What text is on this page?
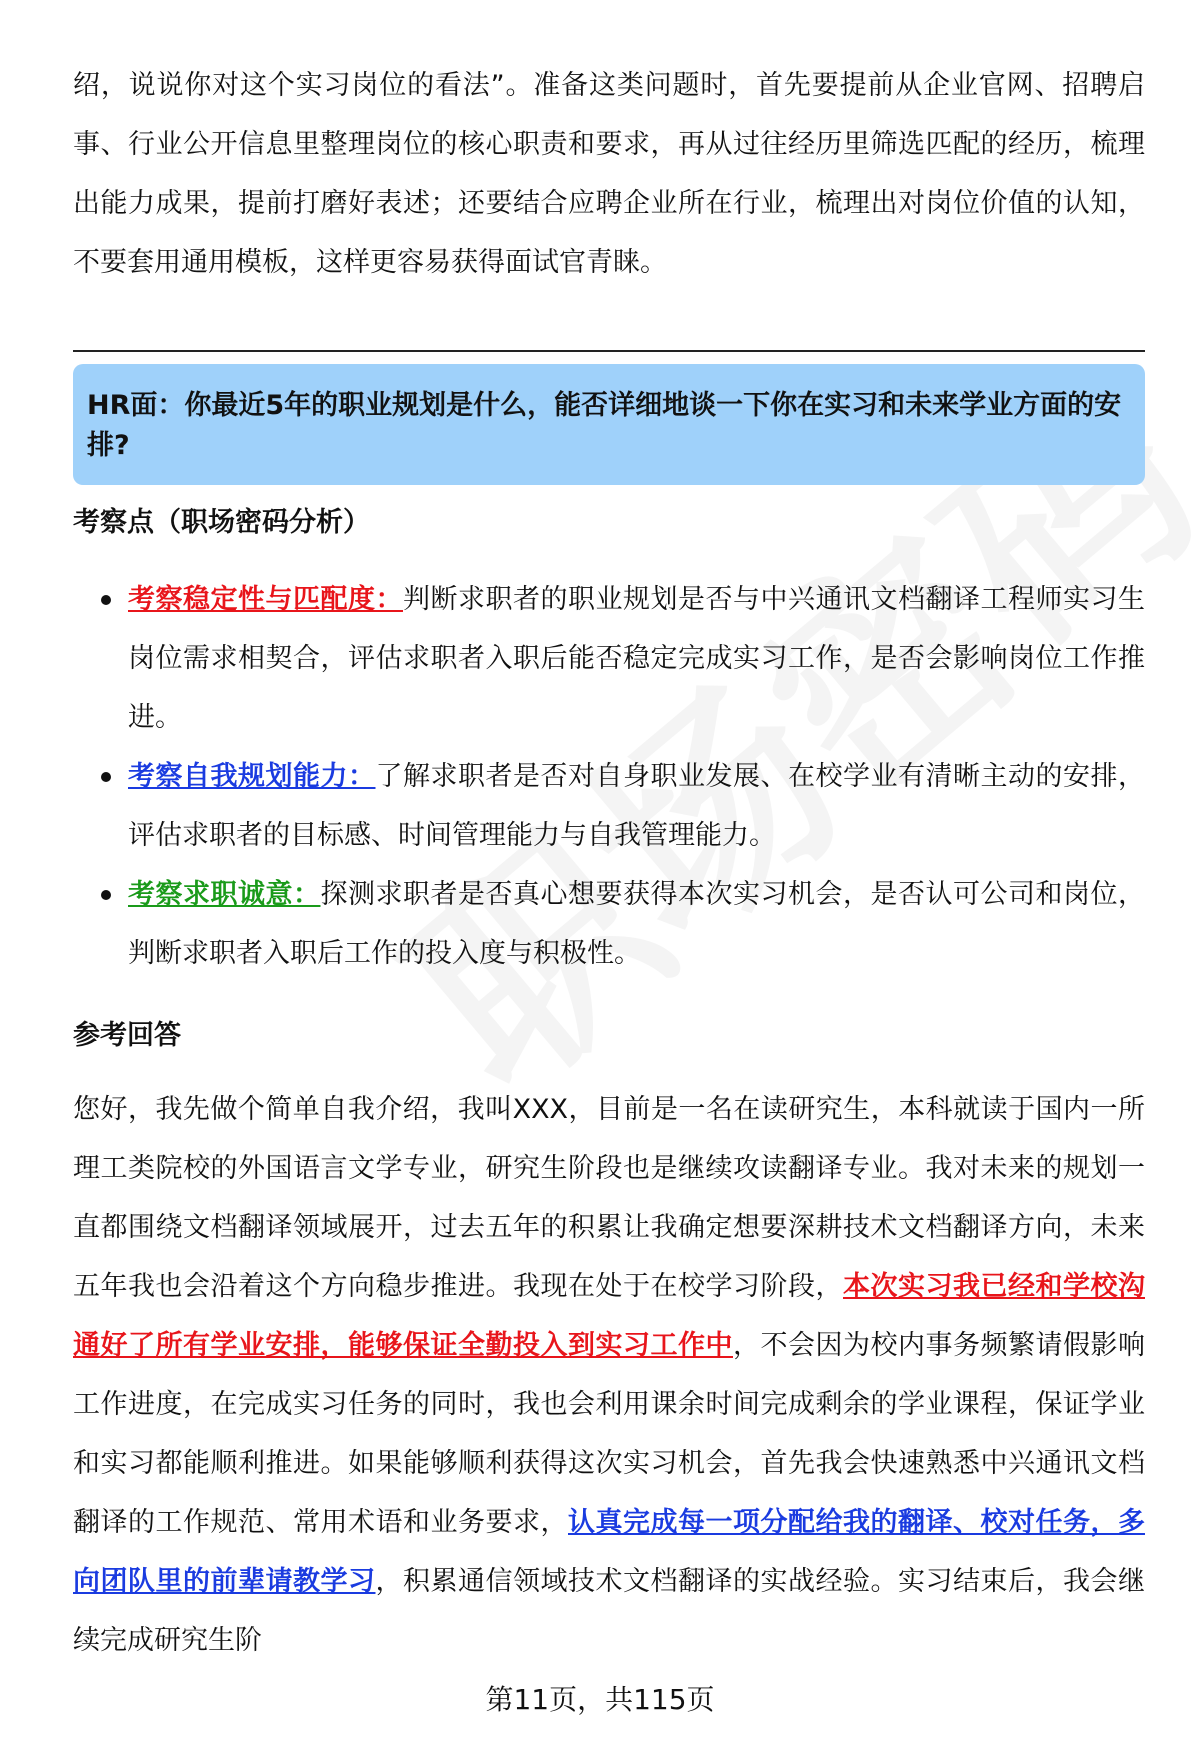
绍，说说你对这个实习岗位的看法”。准备这类问题时，首先要提前从企业官网、招聘启事、行业公开信息里整理岗位的核心职责和要求，再从过往经历里筛选匹配的经历，梳理出能力成果，提前打磨好表述；还要结合应聘企业所在行业，梳理出对岗位价值的认知，不要套用通用模板，这样更容易获得面试官青睐。
HR面：你最近5年的职业规划是什么，能否详细地谈一下你在实习和未来学业方面的安排?
考察点（职场密码分析）
考察稳定性与匹配度：判断求职者的职业规划是否与中兴通讯文档翻译工程师实习生岗位需求相契合，评估求职者入职后能否稳定完成实习工作，是否会影响岗位工作推进。
考察自我规划能力：了解求职者是否对自身职业发展、在校学业有清晰主动的安排，评估求职者的目标感、时间管理能力与自我管理能力。
考察求职诚意：探测求职者是否真心想要获得本次实习机会，是否认可公司和岗位，判断求职者入职后工作的投入度与积极性。
参考回答
您好，我先做个简单自我介绍，我叫XXX，目前是一名在读研究生，本科就读于国内一所理工类院校的外国语言文学专业，研究生阶段也是继续攻读翻译专业。我对未来的规划一直都围绕文档翻译领域展开，过去五年的积累让我确定想要深耕技术文档翻译方向，未来五年我也会沿着这个方向稳步推进。我现在处于在校学习阶段，本次实习我已经和学校沟通好了所有学业安排，能够保证全勤投入到实习工作中，不会因为校内事务频繁请假影响工作进度，在完成实习任务的同时，我也会利用课余时间完成剩余的学业课程，保证学业和实习都能顺利推进。如果能够顺利获得这次实习机会，首先我会快速熟悉中兴通讯文档翻译的工作规范、常用术语和业务要求，认真完成每一项分配给我的翻译、校对任务，多向团队里的前辈请教学习，积累通信领域技术文档翻译的实战经验。实习结束后，我会继续完成研究生阶
第11页，共115页
